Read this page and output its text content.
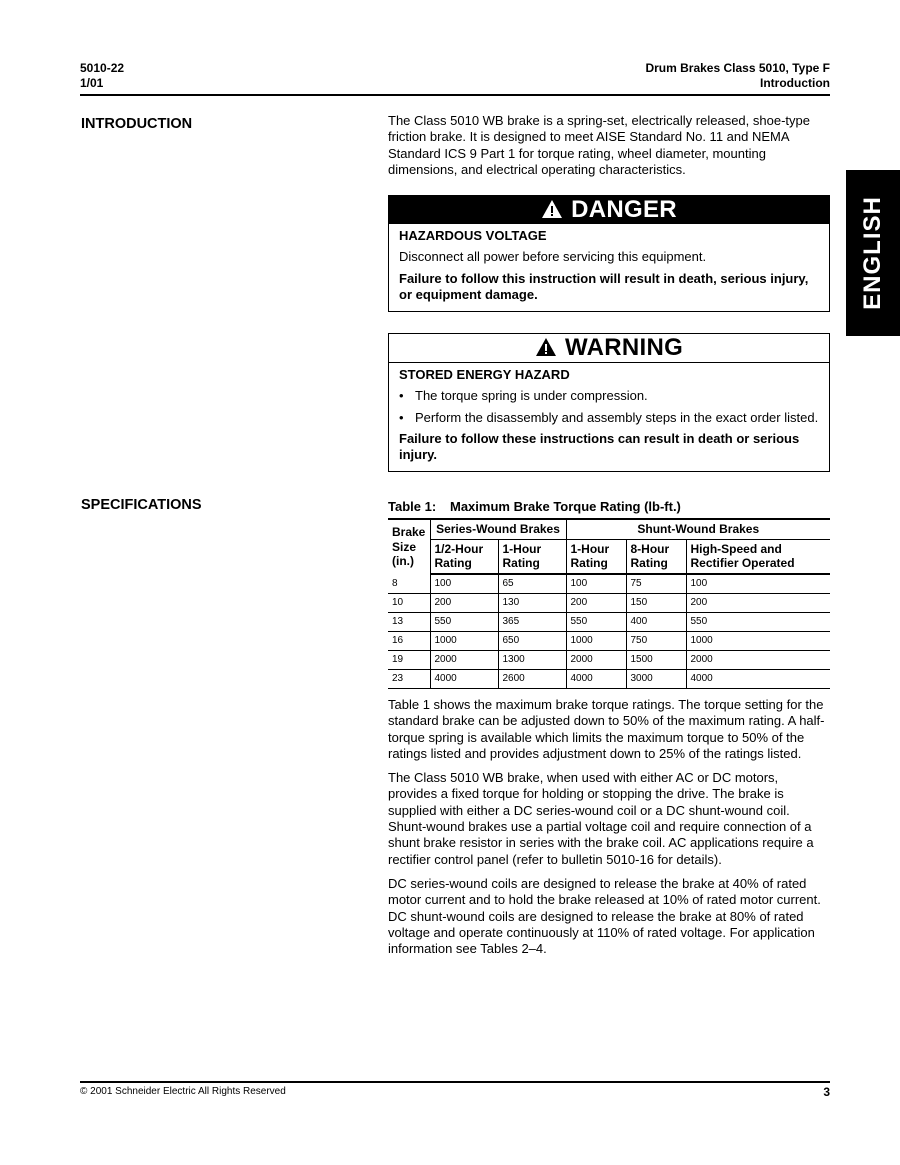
5010-22
1/01
Drum Brakes Class 5010, Type F
Introduction
ENGLISH
INTRODUCTION	The Class 5010 WB brake is a spring-set, electrically released, shoe-type friction brake. It is designed to meet AISE Standard No. 11 and NEMA Standard ICS 9 Part 1 for torque rating, wheel diameter, mounting dimensions, and electrical operating characteristics.

DANGER
HAZARDOUS VOLTAGE
Disconnect all power before servicing this equipment.
Failure to follow this instruction will result in death, serious injury, or equipment damage.
WARNING
STORED ENERGY HAZARD
• The torque spring is under compression.
• Perform the disassembly and assembly steps in the exact order listed.
Failure to follow these instructions can result in death or serious injury.
SPECIFICATIONS	Table 1: Maximum Brake Torque Rating (lb-ft.)
Brake Size (in.)	Series-Wound Brakes		Shunt-Wound Brakes		
	1/2-Hour Rating	1-Hour Rating	1-Hour Rating	8-Hour Rating	High-Speed and Rectifier Operated
8	100	65	100	75	100
10	200	130	200	150	200
13	550	365	550	400	550
16	1000	650	1000	750	1000
19	2000	1300	2000	1500	2000
23	4000	2600	4000	3000	4000

Table 1 shows the maximum brake torque ratings. The torque setting for the standard brake can be adjusted down to 50% of the maximum rating. A half-torque spring is available which limits the maximum torque to 50% of the ratings listed and provides adjustment down to 25% of the ratings listed.

The Class 5010 WB brake, when used with either AC or DC motors, provides a fixed torque for holding or stopping the drive. The brake is supplied with either a DC series-wound coil or a DC shunt-wound coil. Shunt-wound brakes use a partial voltage coil and require connection of a shunt brake resistor in series with the brake coil. AC applications require a rectifier control panel (refer to bulletin 5010-16 for details).

DC series-wound coils are designed to release the brake at 40% of rated motor current and to hold the brake released at 10% of rated motor current. DC shunt-wound coils are designed to release the brake at 80% of rated voltage and operate continuously at 110% of rated voltage. For application information see Tables 2–4.

© 2001 Schneider Electric All Rights Reserved	3
